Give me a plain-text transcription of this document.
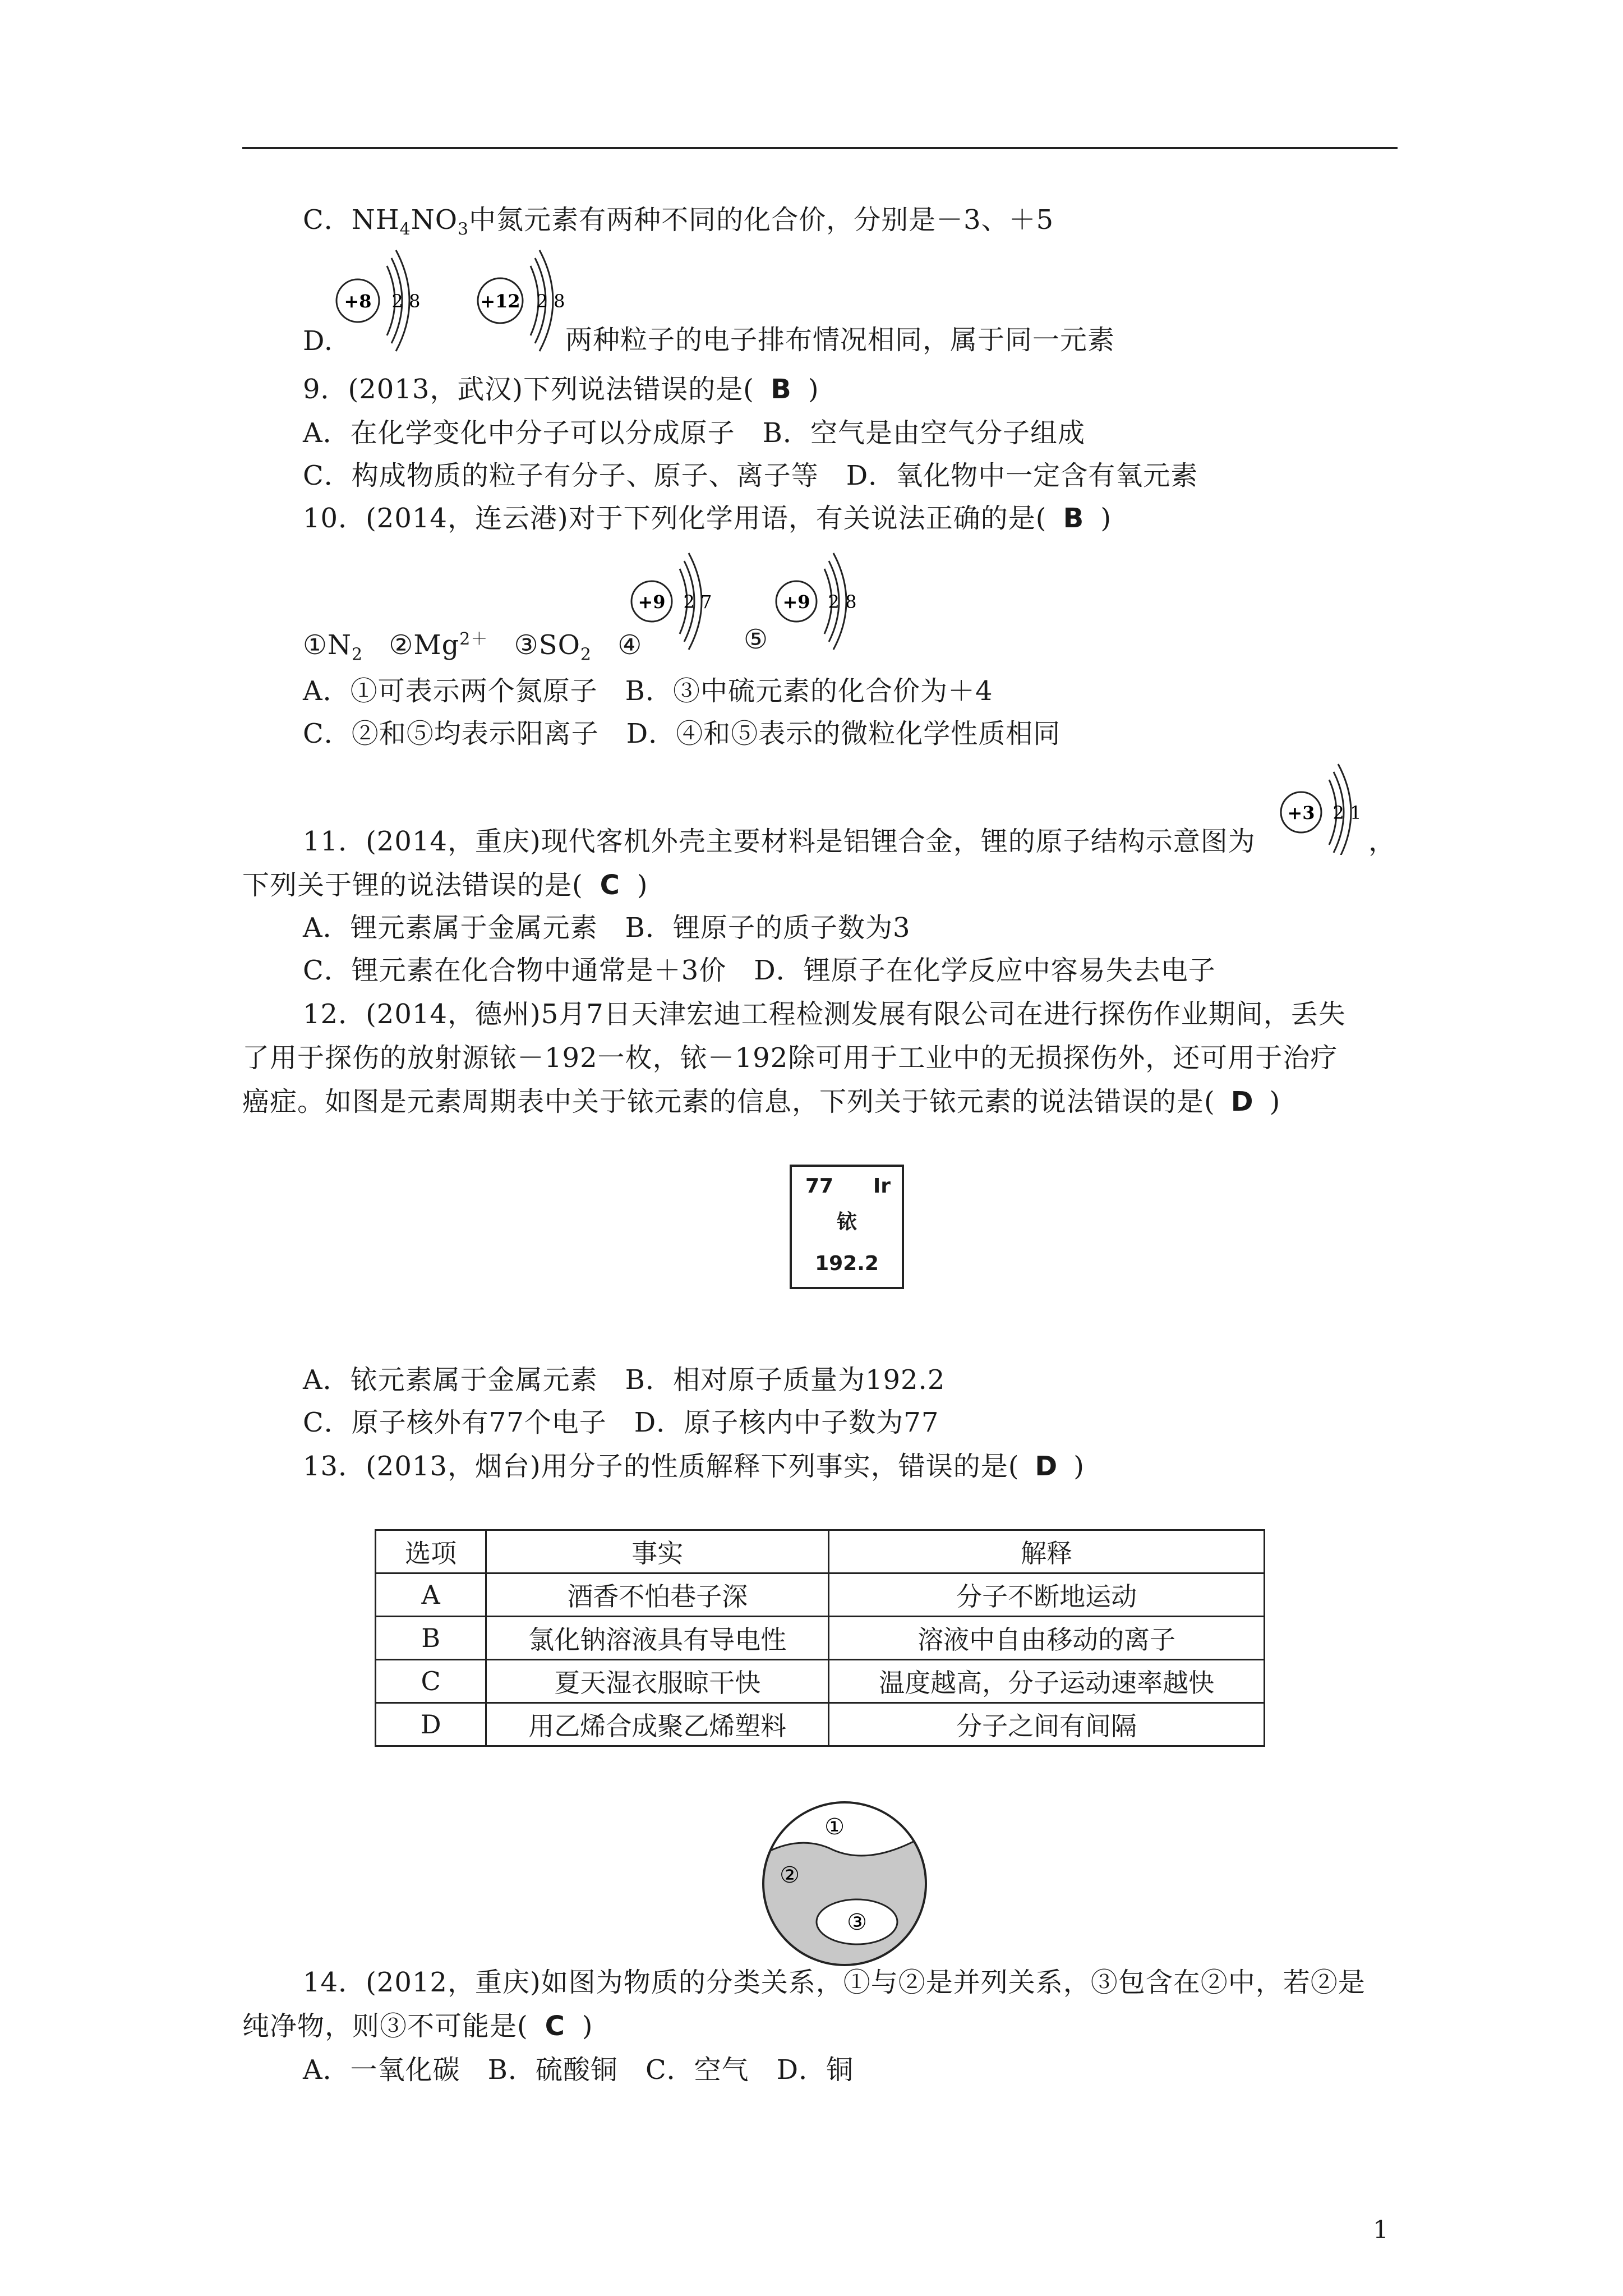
C．$NH_4NO_3$中氮元素有两种不同的化合价，分别是－3、＋5
+8 2 8	+12 2 8
D.	两种粒子的电子排布情况相同，属于同一元素
9．(2013，武汉)下列说法错误的是( B )
A．在化学变化中分子可以分成原子　B．空气是由空气分子组成
C．构成物质的粒子有分子、原子、离子等　D．氧化物中一定含有氧元素
10．(2014，连云港)对于下列化学用语，有关说法正确的是( B )
+9 2 7	+9 2 8
$①N_2$ $②Mg^{2+}$ $③SO_2$ ④	⑤
A．①可表示两个氮原子　B．③中硫元素的化合价为＋4
C．②和⑤均表示阳离子　D．④和⑤表示的微粒化学性质相同
+3 2 1
11．(2014，重庆)现代客机外壳主要材料是铝锂合金，锂的原子结构示意图为	，
下列关于锂的说法错误的是( C )
A．锂元素属于金属元素　B．锂原子的质子数为3
C．锂元素在化合物中通常是＋3价　D．锂原子在化学反应中容易失去电子
12．(2014，德州)5月7日天津宏迪工程检测发展有限公司在进行探伤作业期间，丢失
了用于探伤的放射源铱－192一枚，铱－192除可用于工业中的无损探伤外，还可用于治疗
癌症。如图是元素周期表中关于铱元素的信息，下列关于铱元素的说法错误的是( D )
77 Ir
铱
192.2
A．铱元素属于金属元素　B．相对原子质量为192.2
C．原子核外有77个电子　D．原子核内中子数为77
13．(2013，烟台)用分子的性质解释下列事实，错误的是( D )
选项	事实	解释
A	酒香不怕巷子深	分子不断地运动
B	氯化钠溶液具有导电性	溶液中自由移动的离子
C	夏天湿衣服晾干快	温度越高，分子运动速率越快
D	用乙烯合成聚乙烯塑料	分子之间有间隔
①
②
③
14．(2012，重庆)如图为物质的分类关系，①与②是并列关系，③包含在②中，若②是
纯净物，则③不可能是( C )
A．一氧化碳　B．硫酸铜　C．空气　D．铜
1
